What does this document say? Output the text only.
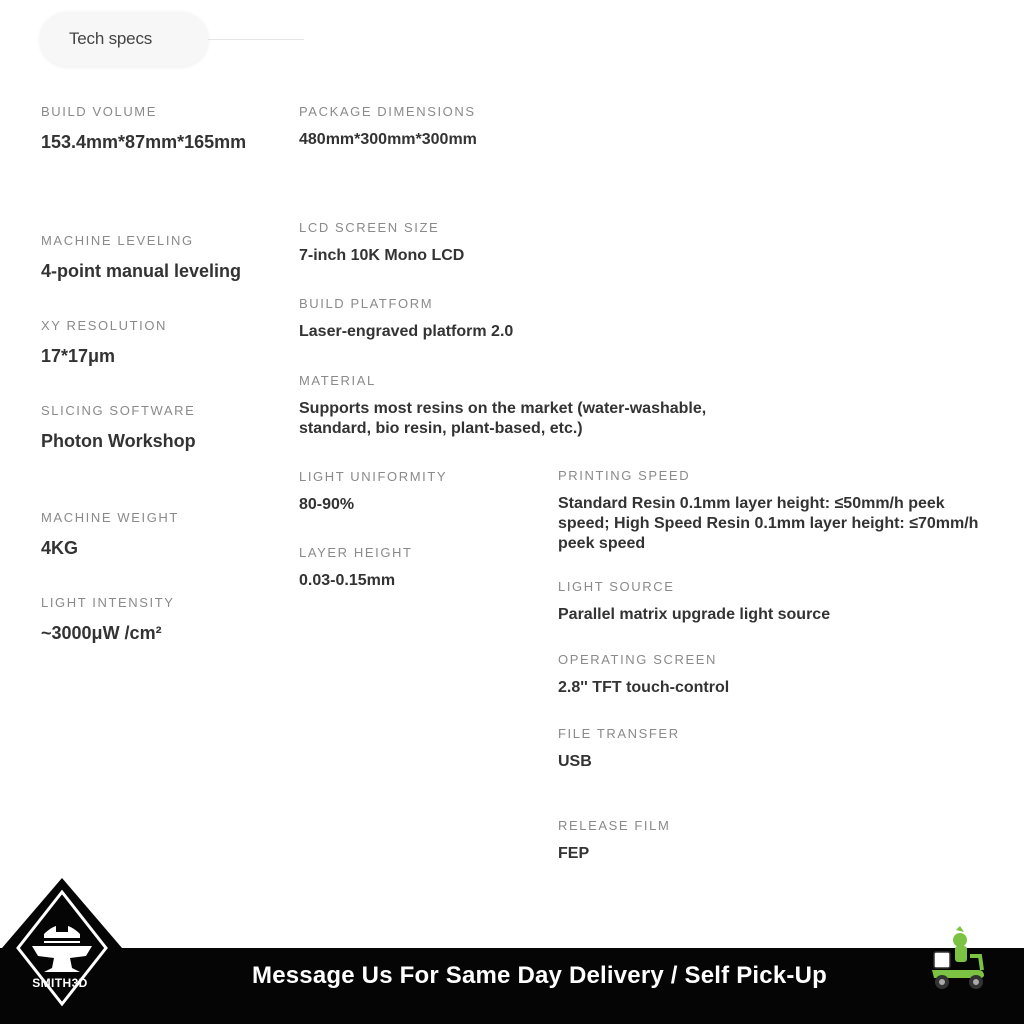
Tech specs
BUILD VOLUME
153.4mm*87mm*165mm
MACHINE LEVELING
4-point manual leveling
XY RESOLUTION
17*17μm
SLICING SOFTWARE
Photon Workshop
MACHINE WEIGHT
4KG
LIGHT INTENSITY
~3000μW /cm²
PACKAGE DIMENSIONS
480mm*300mm*300mm
LCD SCREEN SIZE
7-inch 10K Mono LCD
BUILD PLATFORM
Laser-engraved platform 2.0
MATERIAL
Supports most resins on the market (water-washable,
standard, bio resin, plant-based, etc.)
LIGHT UNIFORMITY
80-90%
LAYER HEIGHT
0.03-0.15mm
PRINTING SPEED
Standard Resin 0.1mm layer height: ≤50mm/h peek
speed; High Speed Resin 0.1mm layer height: ≤70mm/h
peek speed
LIGHT SOURCE
Parallel matrix upgrade light source
OPERATING SCREEN
2.8'' TFT touch-control
FILE TRANSFER
USB
RELEASE FILM
FEP
Message Us For Same Day Delivery / Self Pick-Up
SMITH3D
